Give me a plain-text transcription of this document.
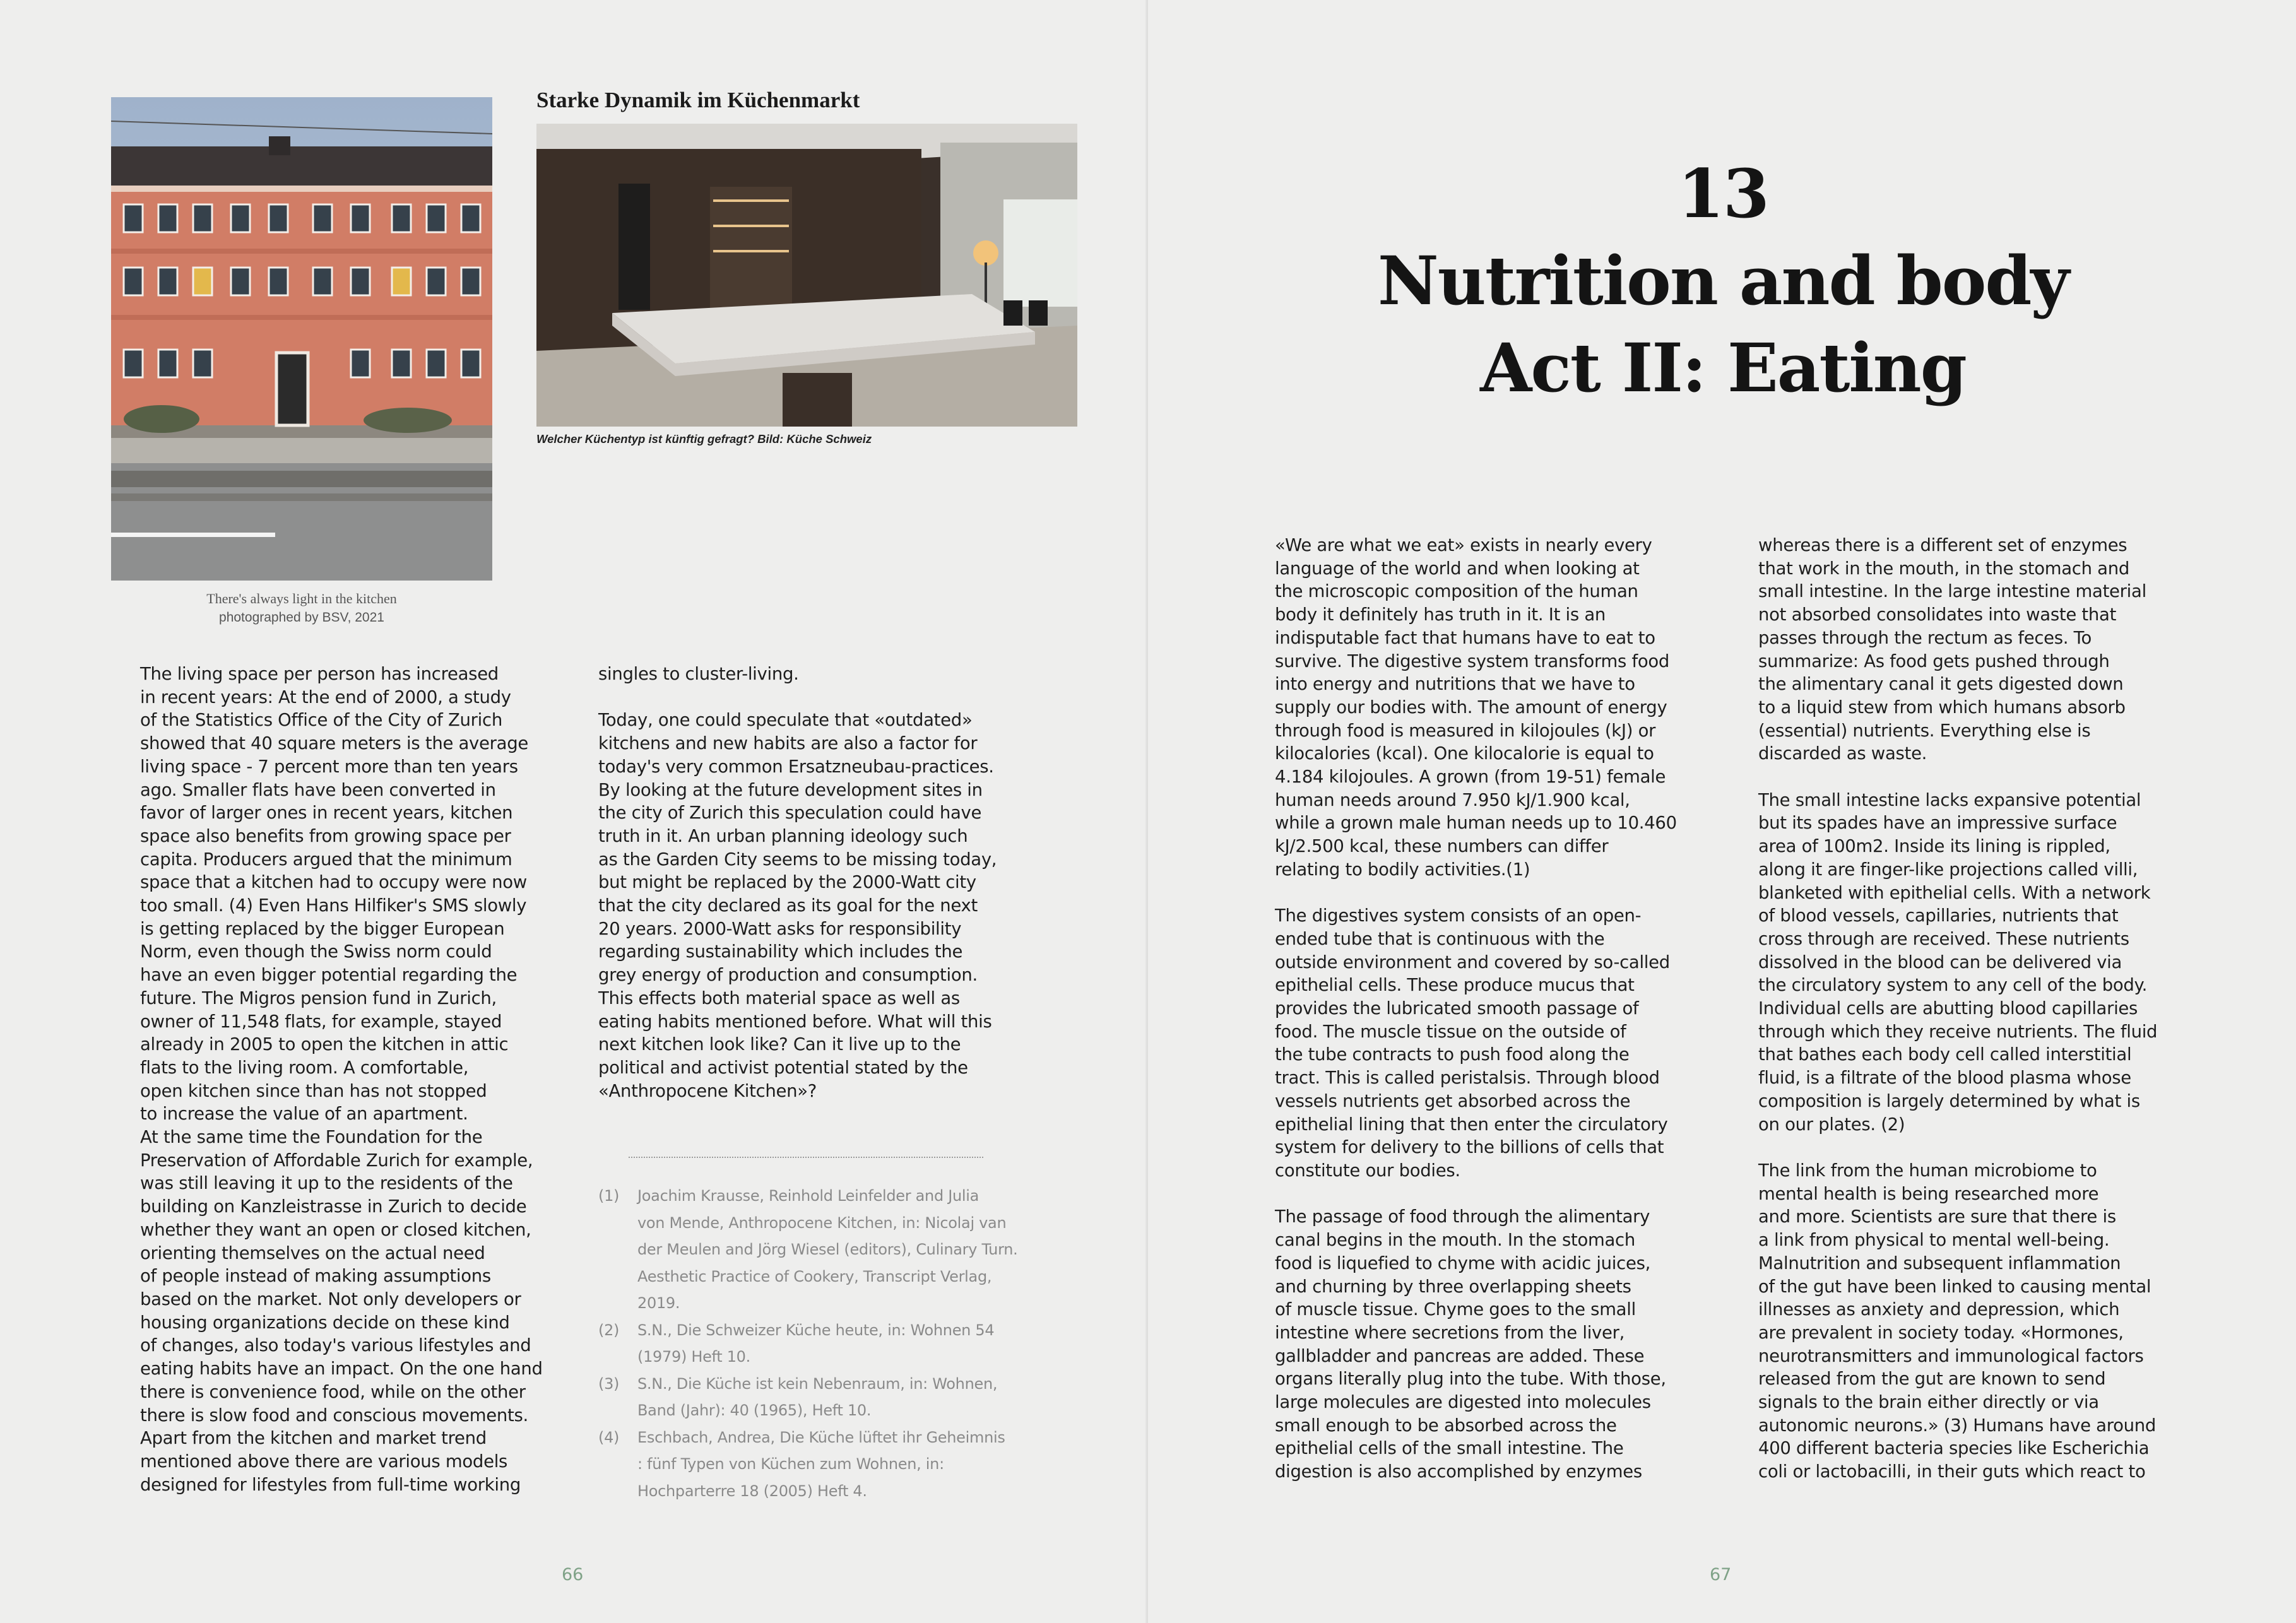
There's always light in the kitchen
photographed by BSV, 2021
Starke Dynamik im Küchenmarkt
Welcher Küchentyp ist künftig gefragt? Bild: Küche Schweiz
The living space per person has increased
in recent years: At the end of 2000, a study
of the Statistics Office of the City of Zurich
showed that 40 square meters is the average
living space - 7 percent more than ten years
ago. Smaller flats have been converted in
favor of larger ones in recent years, kitchen
space also benefits from growing space per
capita. Producers argued that the minimum
space that a kitchen had to occupy were now
too small. (4) Even Hans Hilfiker's SMS slowly
is getting replaced by the bigger European
Norm, even though the Swiss norm could
have an even bigger potential regarding the
future. The Migros pension fund in Zurich,
owner of 11,548 flats, for example, stayed
already in 2005 to open the kitchen in attic
flats to the living room. A comfortable,
open kitchen since than has not stopped
to increase the value of an apartment.
At the same time the Foundation for the
Preservation of Affordable Zurich for example,
was still leaving it up to the residents of the
building on Kanzleistrasse in Zurich to decide
whether they want an open or closed kitchen,
orienting themselves on the actual need
of people instead of making assumptions
based on the market. Not only developers or
housing organizations decide on these kind
of changes, also today's various lifestyles and
eating habits have an impact. On the one hand
there is convenience food, while on the other
there is slow food and conscious movements.
Apart from the kitchen and market trend
mentioned above there are various models
designed for lifestyles from full-time working
singles to cluster-living.

Today, one could speculate that «outdated»
kitchens and new habits are also a factor for
today's very common Ersatzneubau-practices.
By looking at the future development sites in
the city of Zurich this speculation could have
truth in it. An urban planning ideology such
as the Garden City seems to be missing today,
but might be replaced by the 2000-Watt city
that the city declared as its goal for the next
20 years. 2000-Watt asks for responsibility
regarding sustainability which includes the
grey energy of production and consumption.
This effects both material space as well as
eating habits mentioned before. What will this
next kitchen look like? Can it live up to the
political and activist potential stated by the
«Anthropocene Kitchen»?
(1)	Joachim Krausse, Reinhold Leinfelder and Julia
von Mende, Anthropocene Kitchen, in: Nicolaj van
der Meulen and Jörg Wiesel (editors), Culinary Turn.
Aesthetic Practice of Cookery, Transcript Verlag,
2019.
(2)	S.N., Die Schweizer Küche heute, in: Wohnen 54
(1979) Heft 10.
(3)	S.N., Die Küche ist kein Nebenraum, in: Wohnen,
Band (Jahr): 40 (1965), Heft 10.
(4)	Eschbach, Andrea, Die Küche lüftet ihr Geheimnis
: fünf Typen von Küchen zum Wohnen, in:
Hochparterre 18 (2005) Heft 4.
66
13
Nutrition and body
Act II: Eating
«We are what we eat» exists in nearly every
language of the world and when looking at
the microscopic composition of the human
body it definitely has truth in it. It is an
indisputable fact that humans have to eat to
survive. The digestive system transforms food
into energy and nutritions that we have to
supply our bodies with. The amount of energy
through food is measured in kilojoules (kJ) or
kilocalories (kcal). One kilocalorie is equal to
4.184 kilojoules. A grown (from 19-51) female
human needs around 7.950 kJ/1.900 kcal,
while a grown male human needs up to 10.460
kJ/2.500 kcal, these numbers can differ
relating to bodily activities.(1)

The digestives system consists of an open-
ended tube that is continuous with the
outside environment and covered by so-called
epithelial cells. These produce mucus that
provides the lubricated smooth passage of
food. The muscle tissue on the outside of
the tube contracts to push food along the
tract. This is called peristalsis. Through blood
vessels nutrients get absorbed across the
epithelial lining that then enter the circulatory
system for delivery to the billions of cells that
constitute our bodies.

The passage of food through the alimentary
canal begins in the mouth. In the stomach
food is liquefied to chyme with acidic juices,
and churning by three overlapping sheets
of muscle tissue. Chyme goes to the small
intestine where secretions from the liver,
gallbladder and pancreas are added. These
organs literally plug into the tube. With those,
large molecules are digested into molecules
small enough to be absorbed across the
epithelial cells of the small intestine. The
digestion is also accomplished by enzymes
whereas there is a different set of enzymes
that work in the mouth, in the stomach and
small intestine. In the large intestine material
not absorbed consolidates into waste that
passes through the rectum as feces. To
summarize: As food gets pushed through
the alimentary canal it gets digested down
to a liquid stew from which humans absorb
(essential) nutrients. Everything else is
discarded as waste.

The small intestine lacks expansive potential
but its spades have an impressive surface
area of 100m2. Inside its lining is rippled,
along it are finger-like projections called villi,
blanketed with epithelial cells. With a network
of blood vessels, capillaries, nutrients that
cross through are received. These nutrients
dissolved in the blood can be delivered via
the circulatory system to any cell of the body.
Individual cells are abutting blood capillaries
through which they receive nutrients. The fluid
that bathes each body cell called interstitial
fluid, is a filtrate of the blood plasma whose
composition is largely determined by what is
on our plates. (2)

The link from the human microbiome to
mental health is being researched more
and more. Scientists are sure that there is
a link from physical to mental well-being.
Malnutrition and subsequent inflammation
of the gut have been linked to causing mental
illnesses as anxiety and depression, which
are prevalent in society today. «Hormones,
neurotransmitters and immunological factors
released from the gut are known to send
signals to the brain either directly or via
autonomic neurons.» (3) Humans have around
400 different bacteria species like Escherichia
coli or lactobacilli, in their guts which react to
67
